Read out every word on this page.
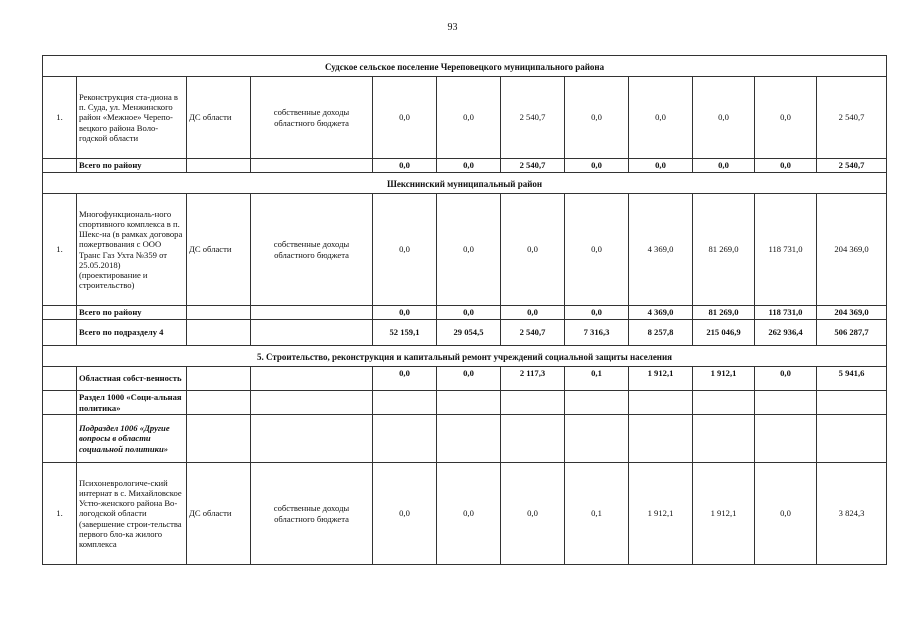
93
Судское сельское поселение Череповецкого муниципального района											
1.	Реконструкция ста-диона в п. Суда, ул. Менжинского район «Межное» Черепо-вецкого района Воло-годской области	ДС области	собственные доходы областного бюджета	0,0	0,0	2 540,7	0,0	0,0	0,0	0,0	2 540,7
	Всего по району			0,0	0,0	2 540,7	0,0	0,0	0,0	0,0	2 540,7
Шекснинский муниципальный район											
1.	Многофункциональ-ного спортивного комплекса в п. Шекс-на (в рамках договора пожертвования с ООО Транс Газ Ухта №359 от 25.05.2018) (проектирование и строительство)	ДС области	собственные доходы областного бюджета	0,0	0,0	0,0	0,0	4 369,0	81 269,0	118 731,0	204 369,0
	Всего по району			0,0	0,0	0,0	0,0	4 369,0	81 269,0	118 731,0	204 369,0
	Всего по подразделу 4			52 159,1	29 054,5	2 540,7	7 316,3	8 257,8	215 046,9	262 936,4	506 287,7
5. Строительство, реконструкция и капитальный ремонт учреждений социальной защиты населения											
	Областная собст-венность			0,0	0,0	2 117,3	0,1	1 912,1	1 912,1	0,0	5 941,6
	Раздел 1000 «Соци-альная политика»										
	Подраздел 1006 «Другие вопросы в области социальной политики»										
1.	Психоневрологиче-ский интернат в с. Михайловское Устю-женского района Во-логодской области (завершение строи-тельства первого бло-ка жилого комплекса	ДС области	собственные доходы областного бюджета	0,0	0,0	0,0	0,1	1 912,1	1 912,1	0,0	3 824,3
